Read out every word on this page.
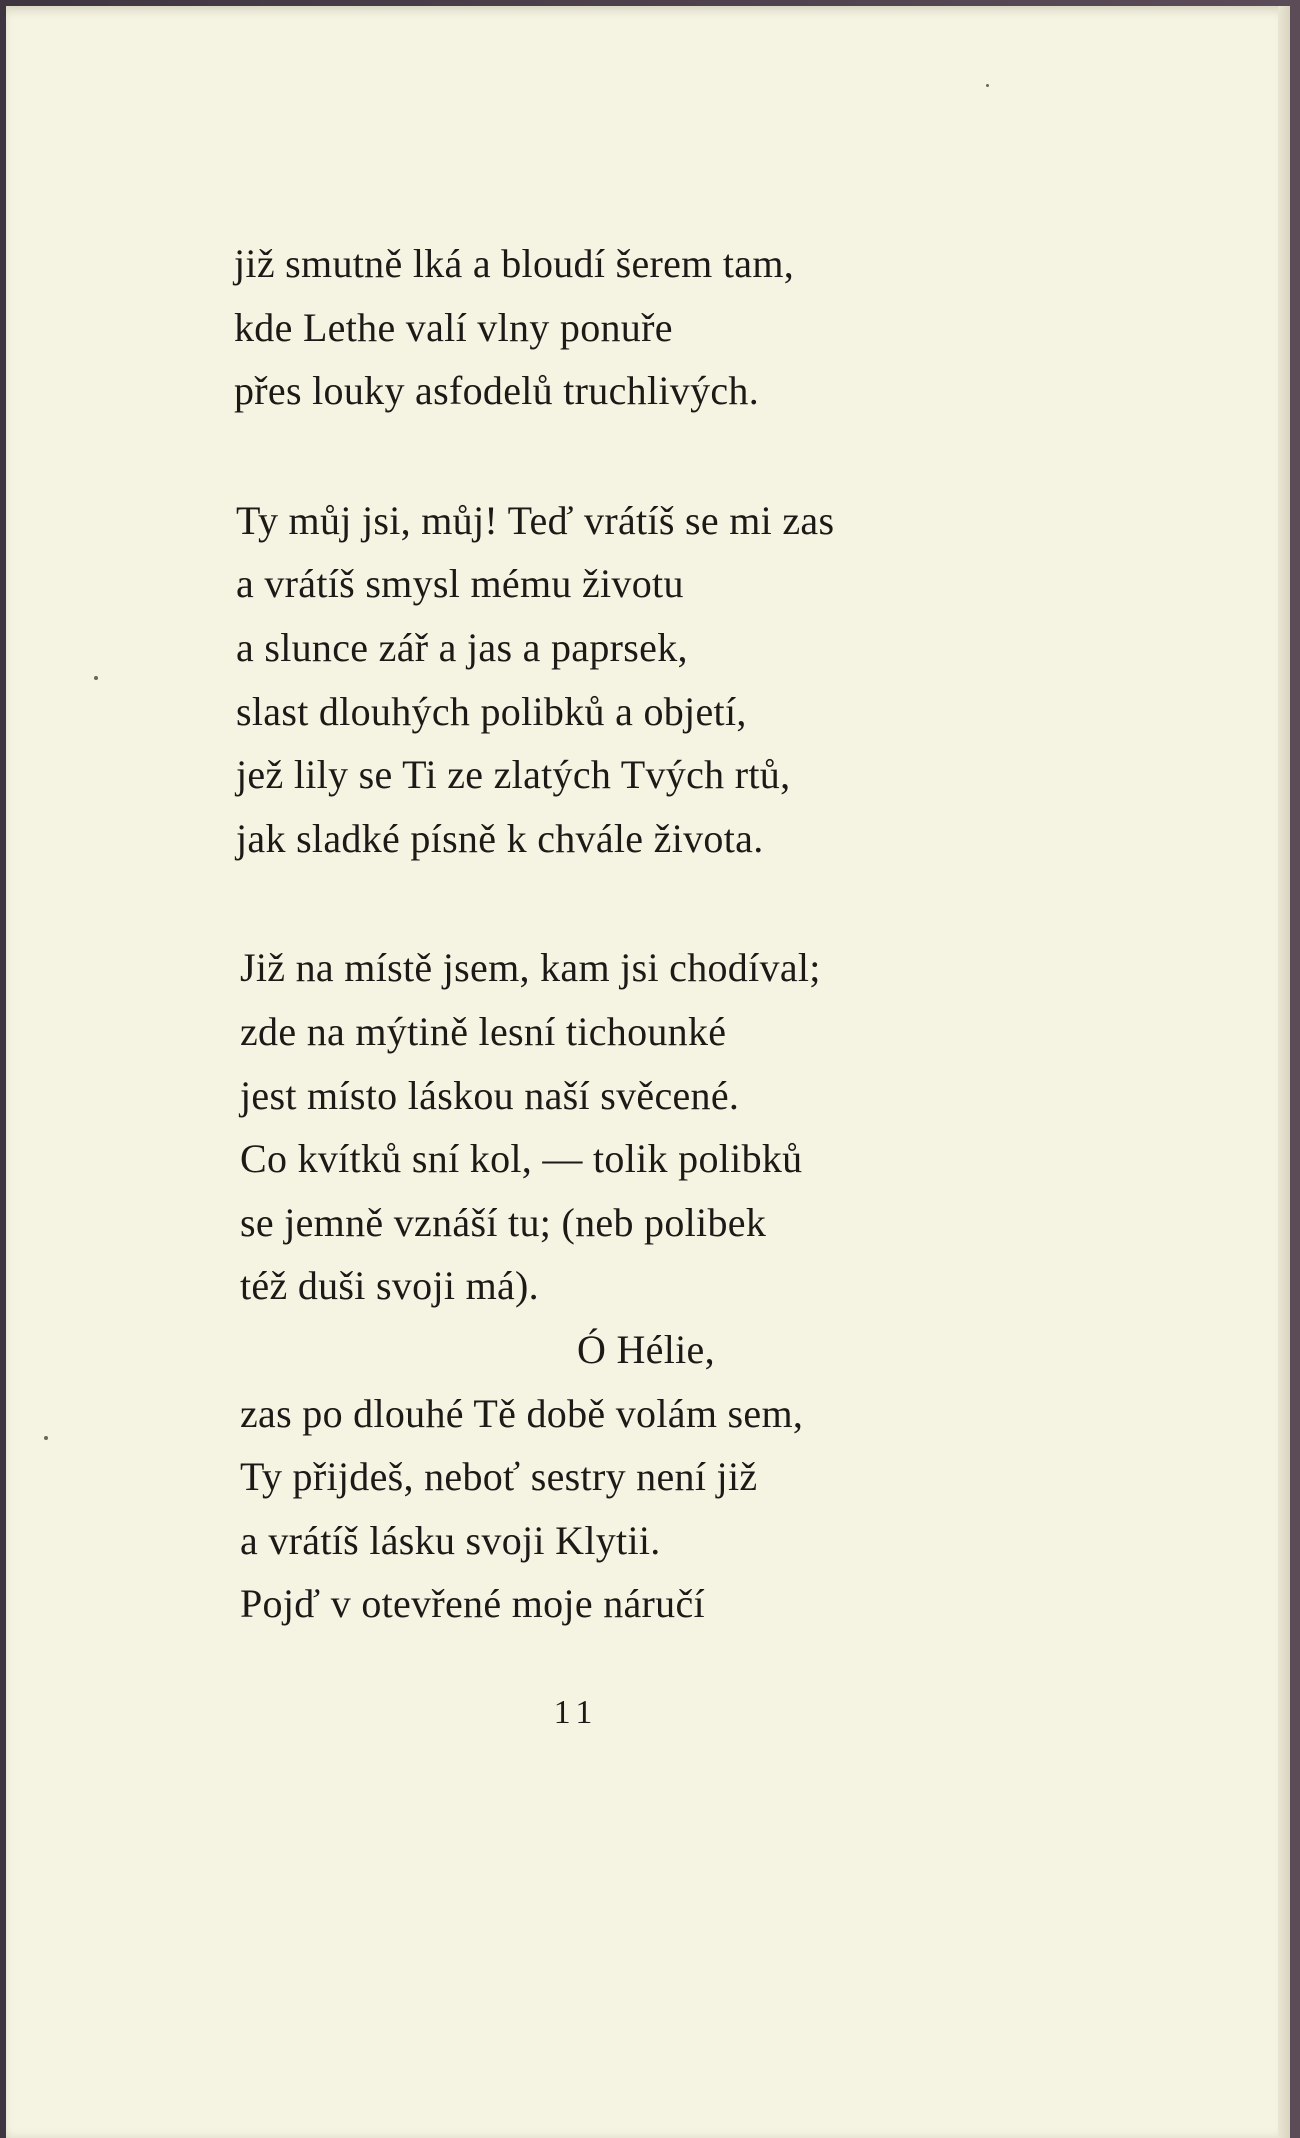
již smutně lká a bloudí šerem tam,
kde Lethe valí vlny ponuře
přes louky asfodelů truchlivých.
Ty můj jsi, můj! Teď vrátíš se mi zas
a vrátíš smysl mému životu
a slunce zář a jas a paprsek,
slast dlouhých polibků a objetí,
jež lily se Ti ze zlatých Tvých rtů,
jak sladké písně k chvále života.
Již na místě jsem, kam jsi chodíval;
zde na mýtině lesní tichounké
jest místo láskou naší svěcené.
Co kvítků sní kol, — tolik polibků
se jemně vznáší tu; (neb polibek
též duši svoji má).
Ó Hélie,
zas po dlouhé Tě době volám sem,
Ty přijdeš, neboť sestry není již
a vrátíš lásku svoji Klytii.
Pojď v otevřené moje náručí
11
